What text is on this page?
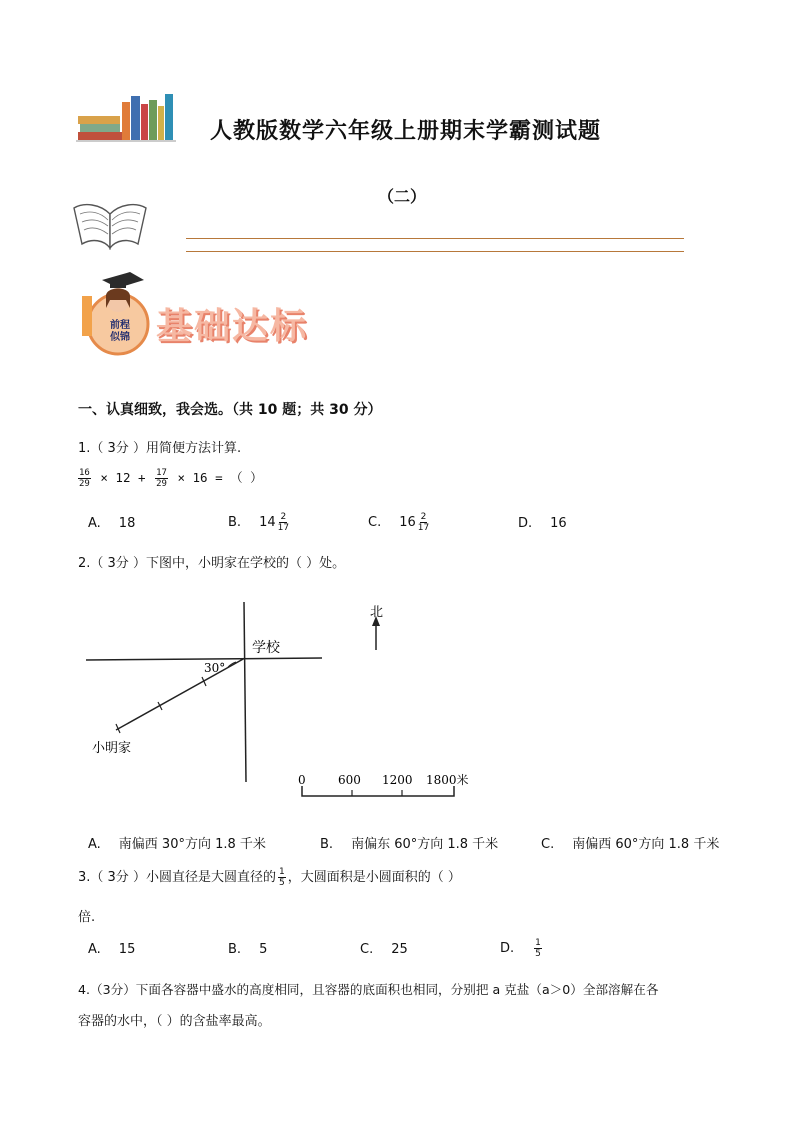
人教版数学六年级上册期末学霸测试题
（二）
前程
似锦 基础达标
一、认真细致，我会选。（共 10 题；共 30 分）
1.（ 3分 ）用简便方法计算.
$\frac{16}{29} \times 12 + \frac{17}{29} \times 16$ = （ ）
A. 18	B. $14 \frac{2}{17}$	C. $16 \frac{2}{17}$	D. 16
2.（ 3分 ）下图中，小明家在学校的（ ）处。
30°
学校
小明家
北
0	600 1200 1800米
A. 南偏西 30°方向 1.8 千米	B. 南偏东 60°方向 1.8 千米	C. 南偏西 60°方向 1.8 千米
3.（ 3分 ）小圆直径是大圆直径的 $\frac{1}{5}$ ，大圆面积是小圆面积的（ ）
倍.
A. 15	B. 5	C. 25	D. $\frac{1}{5}$
4.（3分）下面各容器中盛水的高度相同，且容器的底面积也相同，分别把 a 克盐（a＞0）全部溶解在各
容器的水中，（ ）的含盐率最高。
